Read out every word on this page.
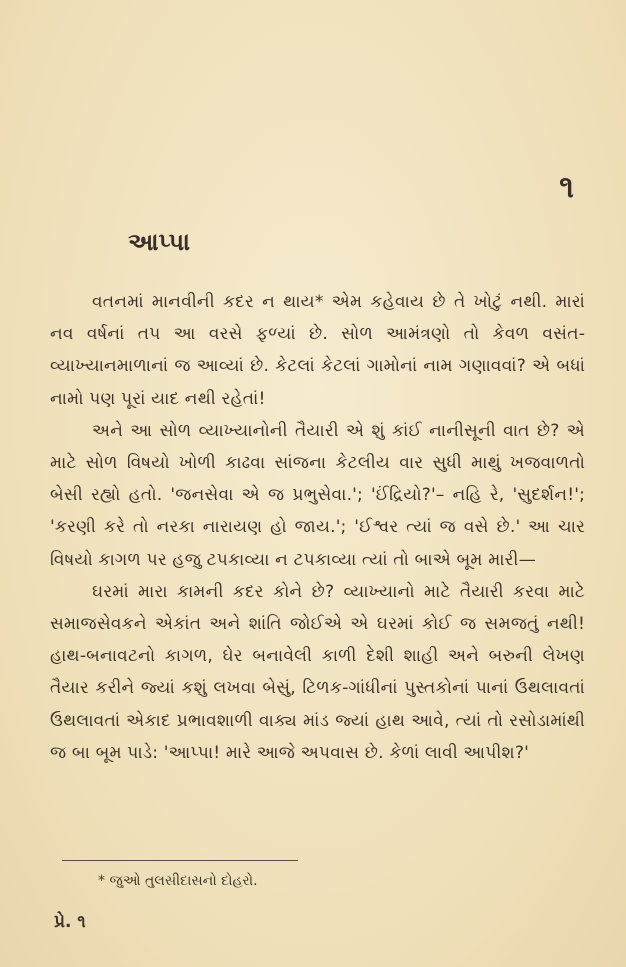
૧
આપ્પા

વતનમાં માનવીની કદર ન થાય* એમ કહેવાય છે તે ખોટું નથી. મારાં નવ વર્ષનાં તપ આ વરસે ફળ્યાં છે. સોળ આમંત્રણો તો કેવળ વસંત-વ્યાખ્યાનમાળાનાં જ આવ્યાં છે. કેટલાં કેટલાં ગામોનાં નામ ગણાવવાં? એ બધાં નામો પણ પૂરાં યાદ નથી રહેતાં!

અને આ સોળ વ્યાખ્યાનોની તૈયારી એ શું કાંઈ નાનીસૂની વાત છે? એ માટે સોળ વિષયો ખોળી કાઢવા સાંજના કેટલીય વાર સુધી માથું ખજવાળતો બેસી રહ્યો હતો. 'જનસેવા એ જ પ્રભુસેવા.'; 'ઈંદ્રિયો?'– નહિ રે, 'સુદર્શન!'; 'કરણી કરે તો નરકા નારાયણ હો જાય.'; 'ઈશ્વર ત્યાં જ વસે છે.' આ ચાર વિષયો કાગળ પર હજુ ટપકાવ્યા ન ટપકાવ્યા ત્યાં તો બાએ બૂમ મારી—

ઘરમાં મારા કામની કદર કોને છે? વ્યાખ્યાનો માટે તૈયારી કરવા માટે સમાજસેવકને એકાંત અને શાંતિ જોઈએ એ ઘરમાં કોઈ જ સમજતું નથી! હાથ-બનાવટનો કાગળ, ઘેર બનાવેલી કાળી દેશી શાહી અને બરુની લેખણ તૈયાર કરીને જ્યાં કશું લખવા બેસું, ટિળક-ગાંધીનાં પુસ્તકોનાં પાનાં ઉથલાવતાં ઉથલાવતાં એકાદ પ્રભાવશાળી વાક્ય માંડ જ્યાં હાથ આવે, ત્યાં તો રસોડામાંથી જ બા બૂમ પાડે: 'આપ્પા! મારે આજે અપવાસ છે. કેળાં લાવી આપીશ?'

* જુઓ તુલસીદાસનો દોહરો.
પ્રે. ૧
